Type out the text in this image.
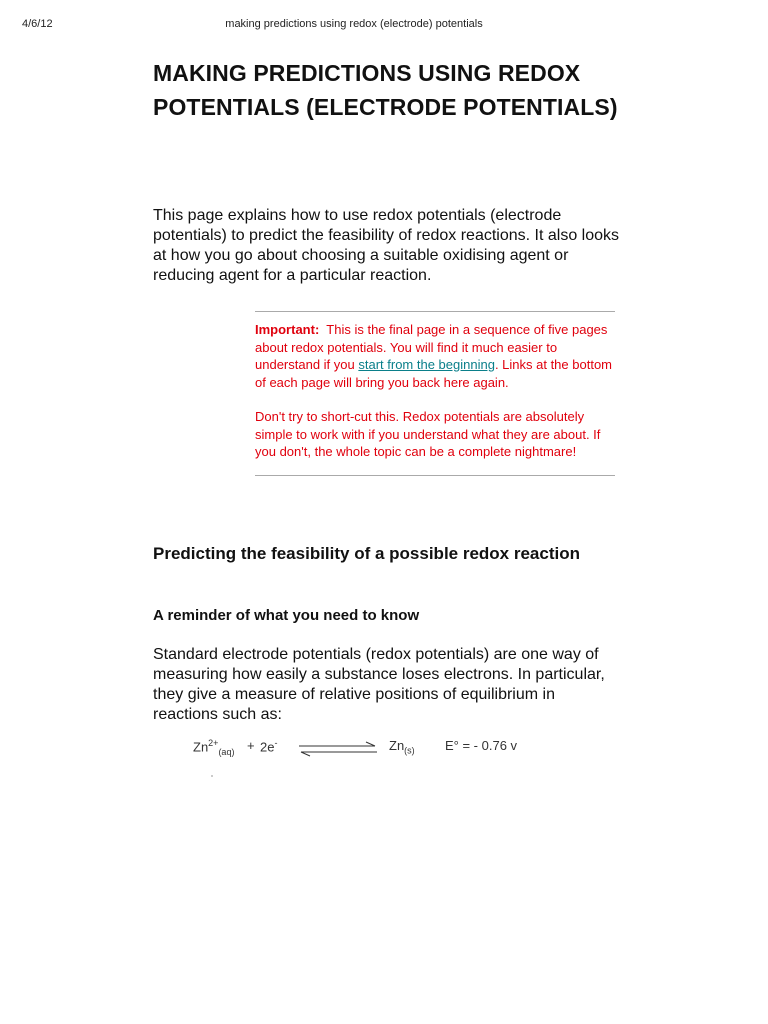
4/6/12	making predictions using redox (electrode) potentials
MAKING PREDICTIONS USING REDOX POTENTIALS (ELECTRODE POTENTIALS)

This page explains how to use redox potentials (electrode potentials) to predict the feasibility of redox reactions. It also looks at how you go about choosing a suitable oxidising agent or reducing agent for a particular reaction.

Important: This is the final page in a sequence of five pages about redox potentials. You will find it much easier to understand if you start from the beginning. Links at the bottom of each page will bring you back here again.

Don't try to short-cut this. Redox potentials are absolutely simple to work with if you understand what they are about. If you don't, the whole topic can be a complete nightmare!

Predicting the feasibility of a possible redox reaction
A reminder of what you need to know

Standard electrode potentials (redox potentials) are one way of measuring how easily a substance loses electrons. In particular, they give a measure of relative positions of equilibrium in reactions such as:

$Zn^{2+}_{(aq)} + 2e^-$	$Zn_{(s)}$ E° = - 0.76 v
